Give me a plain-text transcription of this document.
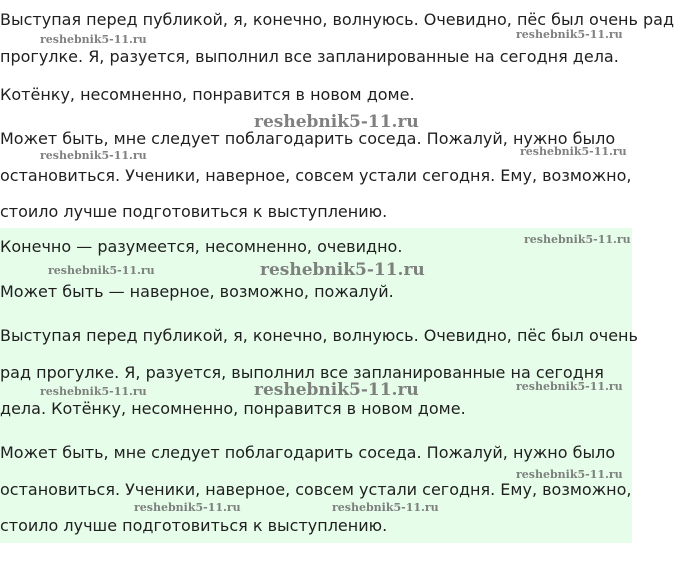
Выступая перед публикой, я, конечно, волнуюсь. Очевидно, пёс был очень рад
прогулке. Я, разуется, выполнил все запланированные на сегодня дела.
Котёнку, несомненно, понравится в новом доме.
Может быть, мне следует поблагодарить соседа. Пожалуй, нужно было
остановиться. Ученики, наверное, совсем устали сегодня. Ему, возможно,
стоило лучше подготовиться к выступлению.
Конечно — разумеется, несомненно, очевидно.
Может быть — наверное, возможно, пожалуй.
Выступая перед публикой, я, конечно, волнуюсь. Очевидно, пёс был очень
рад прогулке. Я, разуется, выполнил все запланированные на сегодня
дела. Котёнку, несомненно, понравится в новом доме.
Может быть, мне следует поблагодарить соседа. Пожалуй, нужно было
остановиться. Ученики, наверное, совсем устали сегодня. Ему, возможно,
стоило лучше подготовиться к выступлению.
reshebnik5-11.ru	reshebnik5-11.ru
reshebnik5-11.ru
reshebnik5-11.ru	reshebnik5-11.ru
reshebnik5-11.ru
reshebnik5-11.ru	reshebnik5-11.ru
reshebnik5-11.ru	reshebnik5-11.ru	reshebnik5-11.ru
reshebnik5-11.ru
reshebnik5-11.ru	reshebnik5-11.ru
